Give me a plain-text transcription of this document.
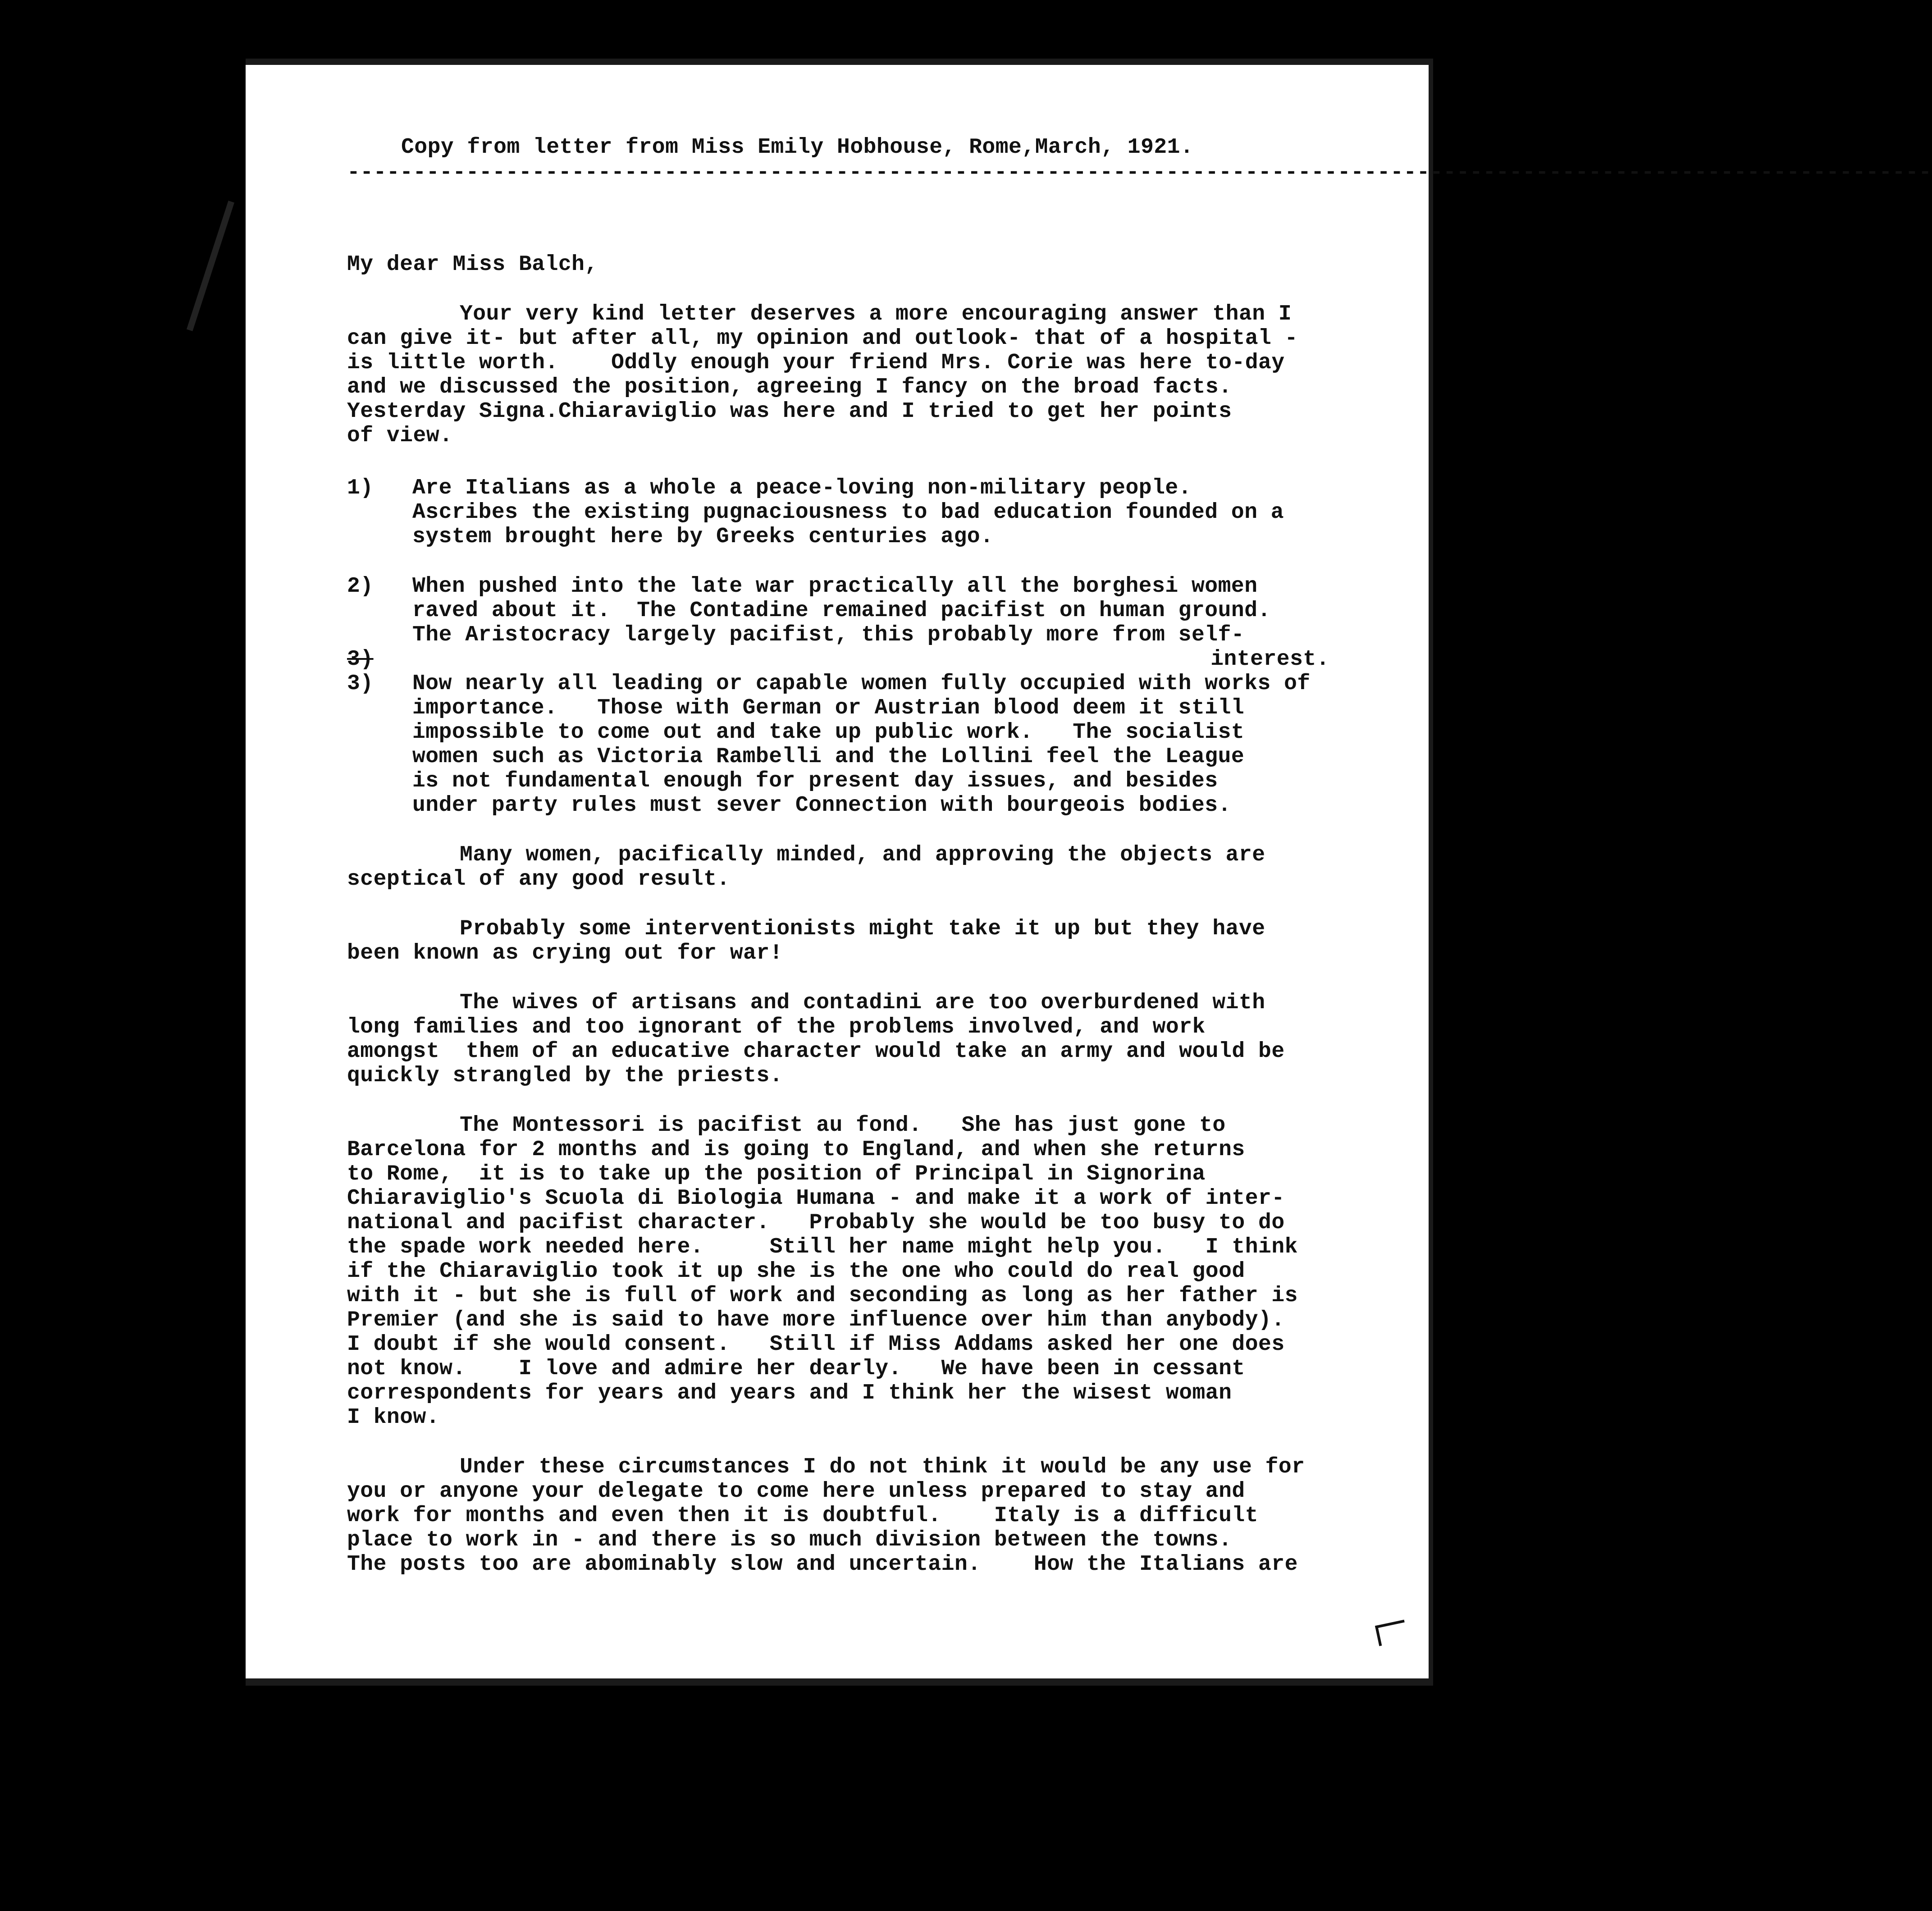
Copy from letter from Miss Emily Hobhouse, Rome,March, 1921.
------------------------------------------------------------------------------------------------------------------------
My dear Miss Balch,
Your very kind letter deserves a more encouraging answer than I
can give it- but after all, my opinion and outlook- that of a hospital -
is little worth.    Oddly enough your friend Mrs. Corie was here to-day
and we discussed the position, agreeing I fancy on the broad facts.
Yesterday Signa.Chiaraviglio was here and I tried to get her points
of view.
1) Are Italians as a whole a peace-loving non-military people.
Ascribes the existing pugnaciousness to bad education founded on a
system brought here by Greeks centuries ago.
2) When pushed into the late war practically all the borghesi women
raved about it.  The Contadine remained pacifist on human ground.
The Aristocracy largely pacifist, this probably more from self-
3)	interest.
3) Now nearly all leading or capable women fully occupied with works of
importance.   Those with German or Austrian blood deem it still
impossible to come out and take up public work.   The socialist
women such as Victoria Rambelli and the Lollini feel the League
is not fundamental enough for present day issues, and besides
under party rules must sever Connection with bourgeois bodies.
Many women, pacifically minded, and approving the objects are
sceptical of any good result.
Probably some interventionists might take it up but they have
been known as crying out for war!
The wives of artisans and contadini are too overburdened with
long families and too ignorant of the problems involved, and work
amongst  them of an educative character would take an army and would be
quickly strangled by the priests.
The Montessori is pacifist au fond.   She has just gone to
Barcelona for 2 months and is going to England, and when she returns
to Rome,  it is to take up the position of Principal in Signorina
Chiaraviglio's Scuola di Biologia Humana - and make it a work of inter-
national and pacifist character.   Probably she would be too busy to do
the spade work needed here.     Still her name might help you.   I think
if the Chiaraviglio took it up she is the one who could do real good
with it - but she is full of work and seconding as long as her father is
Premier (and she is said to have more influence over him than anybody).
I doubt if she would consent.   Still if Miss Addams asked her one does
not know.    I love and admire her dearly.   We have been in cessant
correspondents for years and years and I think her the wisest woman
I know.
Under these circumstances I do not think it would be any use for
you or anyone your delegate to come here unless prepared to stay and
work for months and even then it is doubtful.    Italy is a difficult
place to work in - and there is so much division between the towns.
The posts too are abominably slow and uncertain.    How the Italians are
